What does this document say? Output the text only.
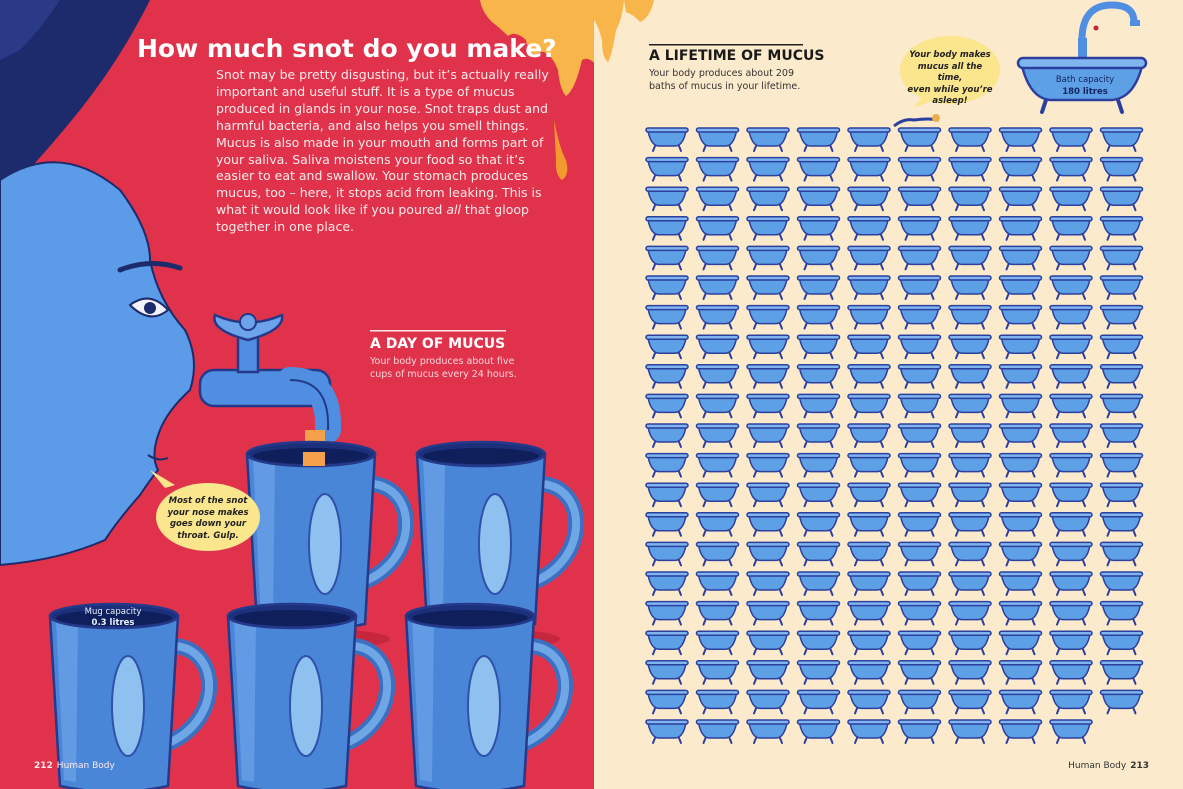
How much snot do you make?

Snot may be pretty disgusting, but it’s actually really important and useful stuff. It is a type of mucus produced in glands in your nose. Snot traps dust and harmful bacteria, and also helps you smell things. Mucus is also made in your mouth and forms part of your saliva. Saliva moistens your food so that it’s easier to eat and swallow. Your stomach produces mucus, too – here, it stops acid from leaking. This is what it would look like if you poured all that gloop together in one place.

A DAY OF MUCUS

Your body produces about five
cups of mucus every 24 hours.

Most of the snot
your nose makes
goes down your
throat. Gulp.

Mug capacity
0.3 litres

212 Human Body
A LIFETIME OF MUCUS

Your body produces about 209
baths of mucus in your lifetime.

Your body makes
mucus all the time,
even while you’re
asleep!

Bath capacity
180 litres

Human Body 213
